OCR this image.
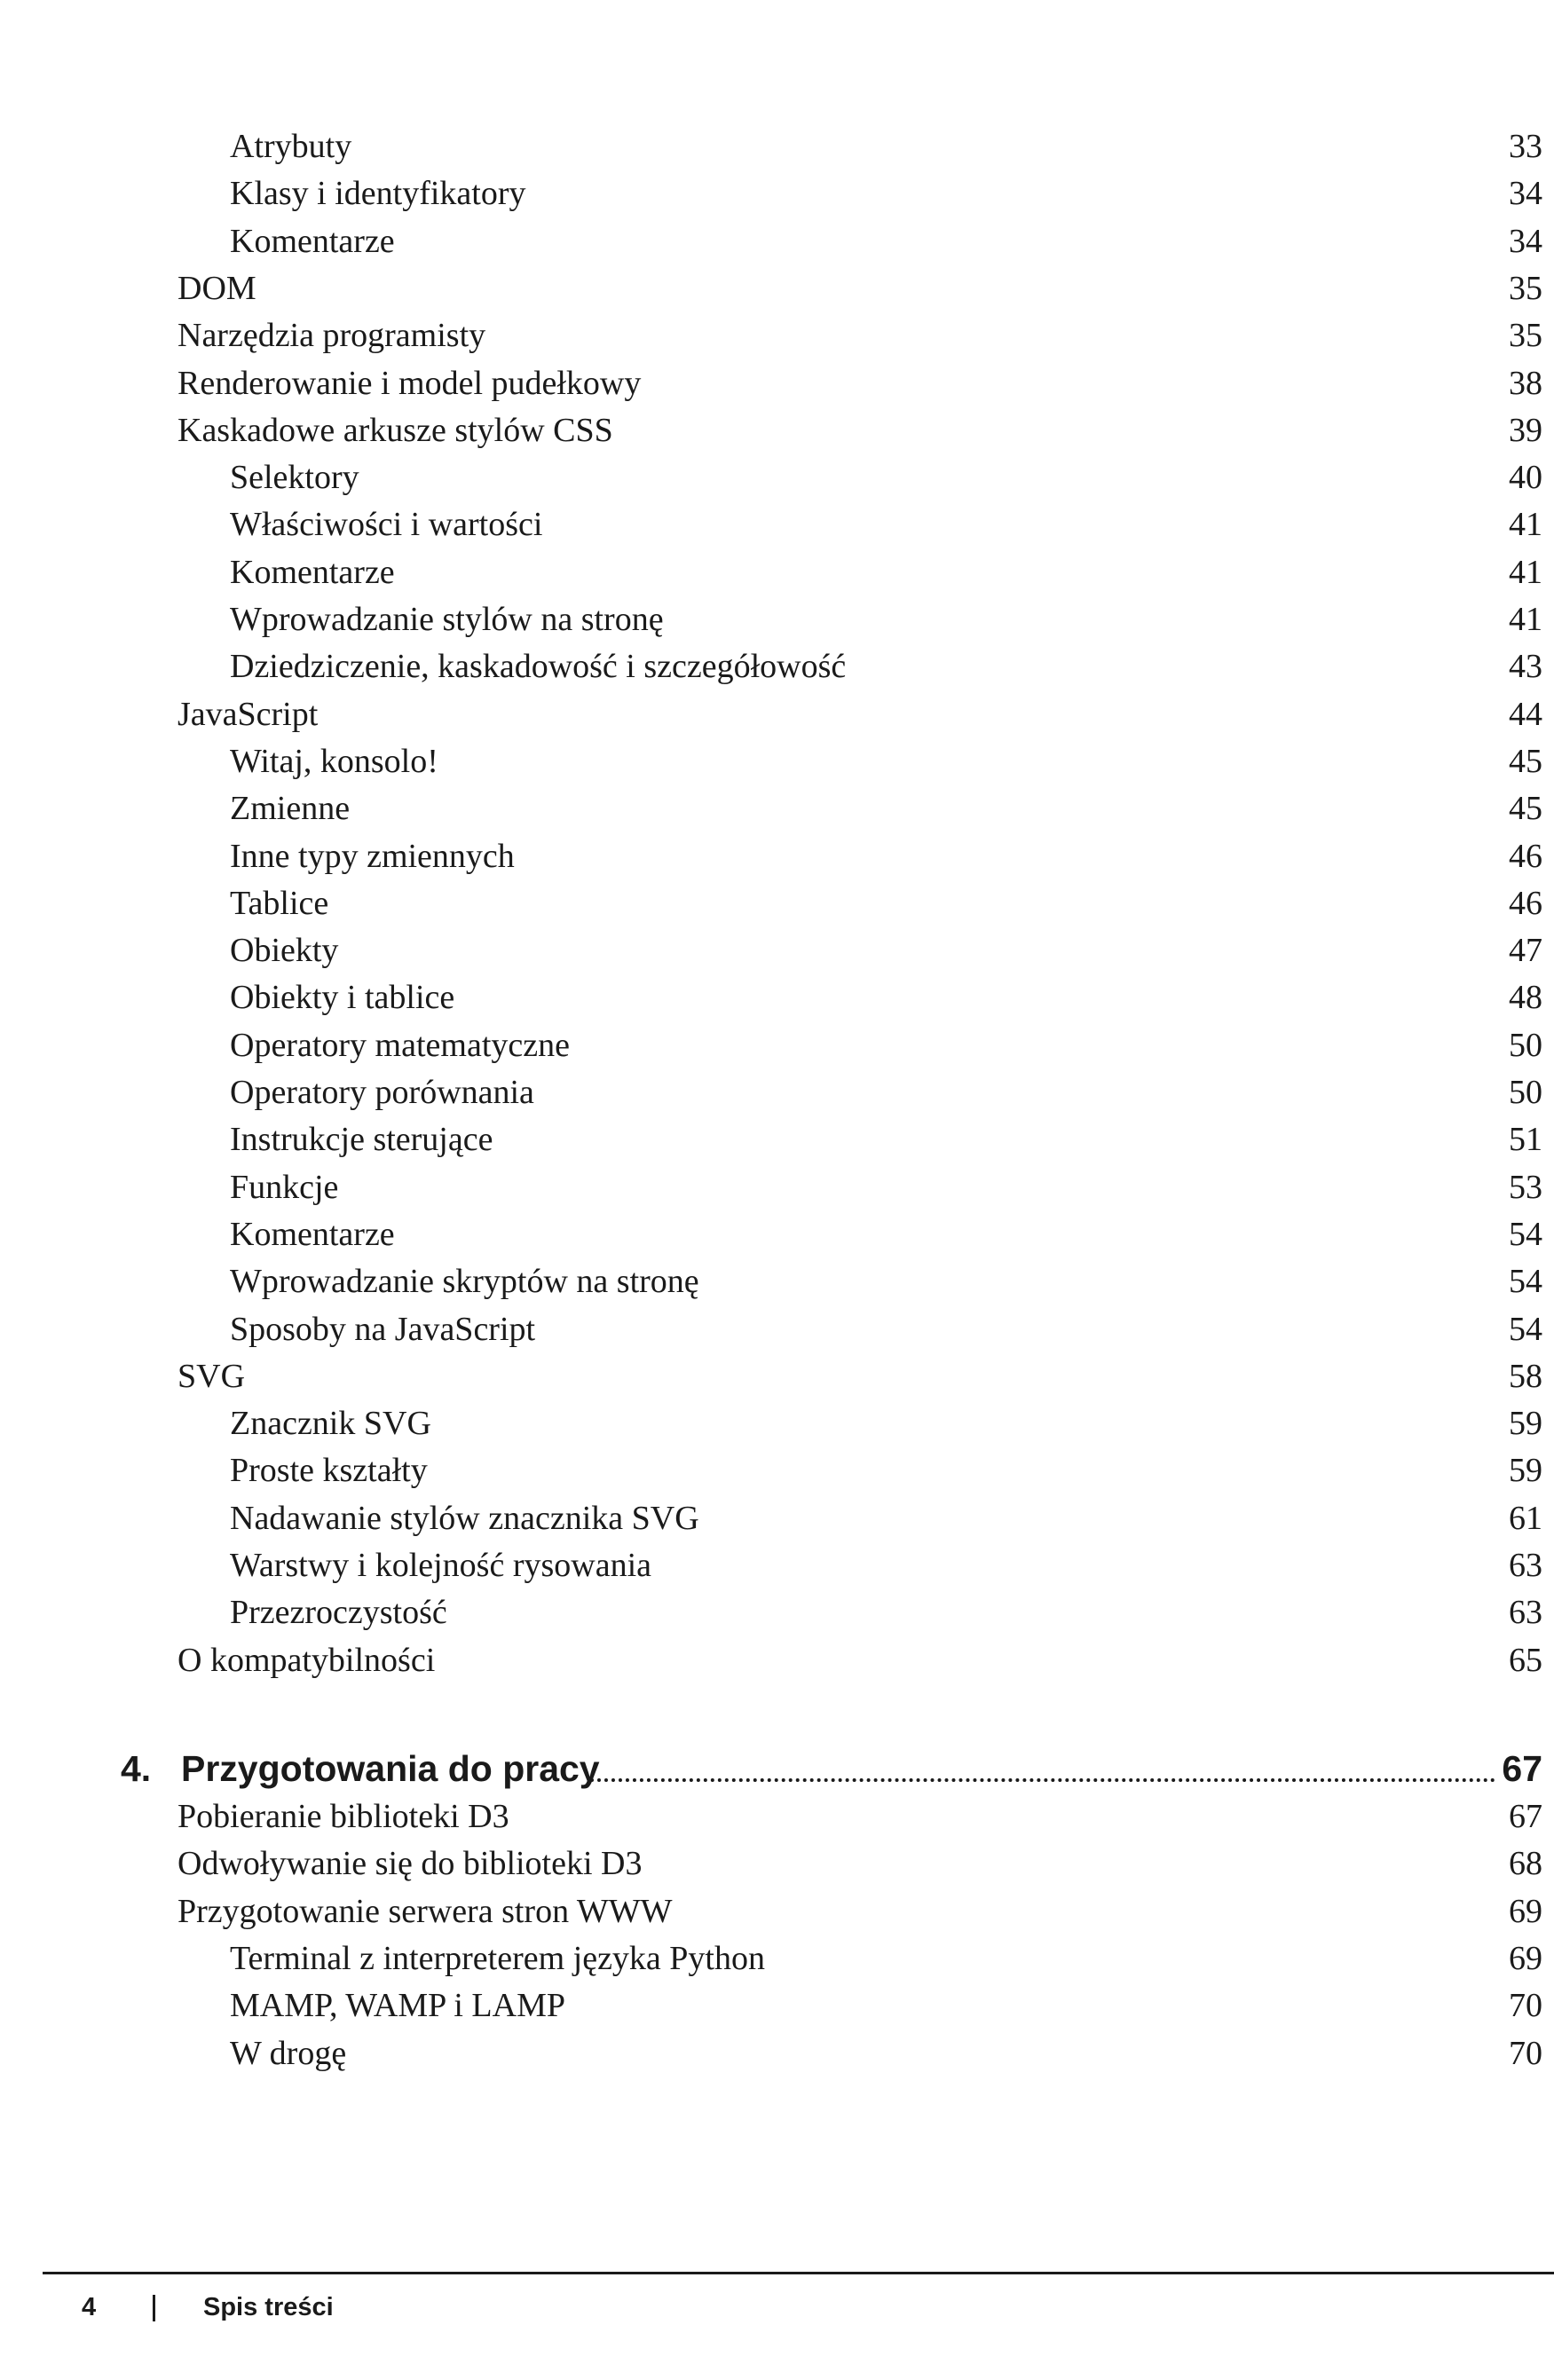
Atrybuty	33
Klasy i identyfikatory	34
Komentarze	34
DOM	35
Narzędzia programisty	35
Renderowanie i model pudełkowy	38
Kaskadowe arkusze stylów CSS	39
Selektory	40
Właściwości i wartości	41
Komentarze	41
Wprowadzanie stylów na stronę	41
Dziedziczenie, kaskadowość i szczegółowość	43
JavaScript	44
Witaj, konsolo!	45
Zmienne	45
Inne typy zmiennych	46
Tablice	46
Obiekty	47
Obiekty i tablice	48
Operatory matematyczne	50
Operatory porównania	50
Instrukcje sterujące	51
Funkcje	53
Komentarze	54
Wprowadzanie skryptów na stronę	54
Sposoby na JavaScript	54
SVG	58
Znacznik SVG	59
Proste kształty	59
Nadawanie stylów znacznika SVG	61
Warstwy i kolejność rysowania	63
Przezroczystość	63
O kompatybilności	65
4. Przygotowania do pracy	67
Pobieranie biblioteki D3	67
Odwoływanie się do biblioteki D3	68
Przygotowanie serwera stron WWW	69
Terminal z interpreterem języka Python	69
MAMP, WAMP i LAMP	70
W drogę	70
4	Spis treści
